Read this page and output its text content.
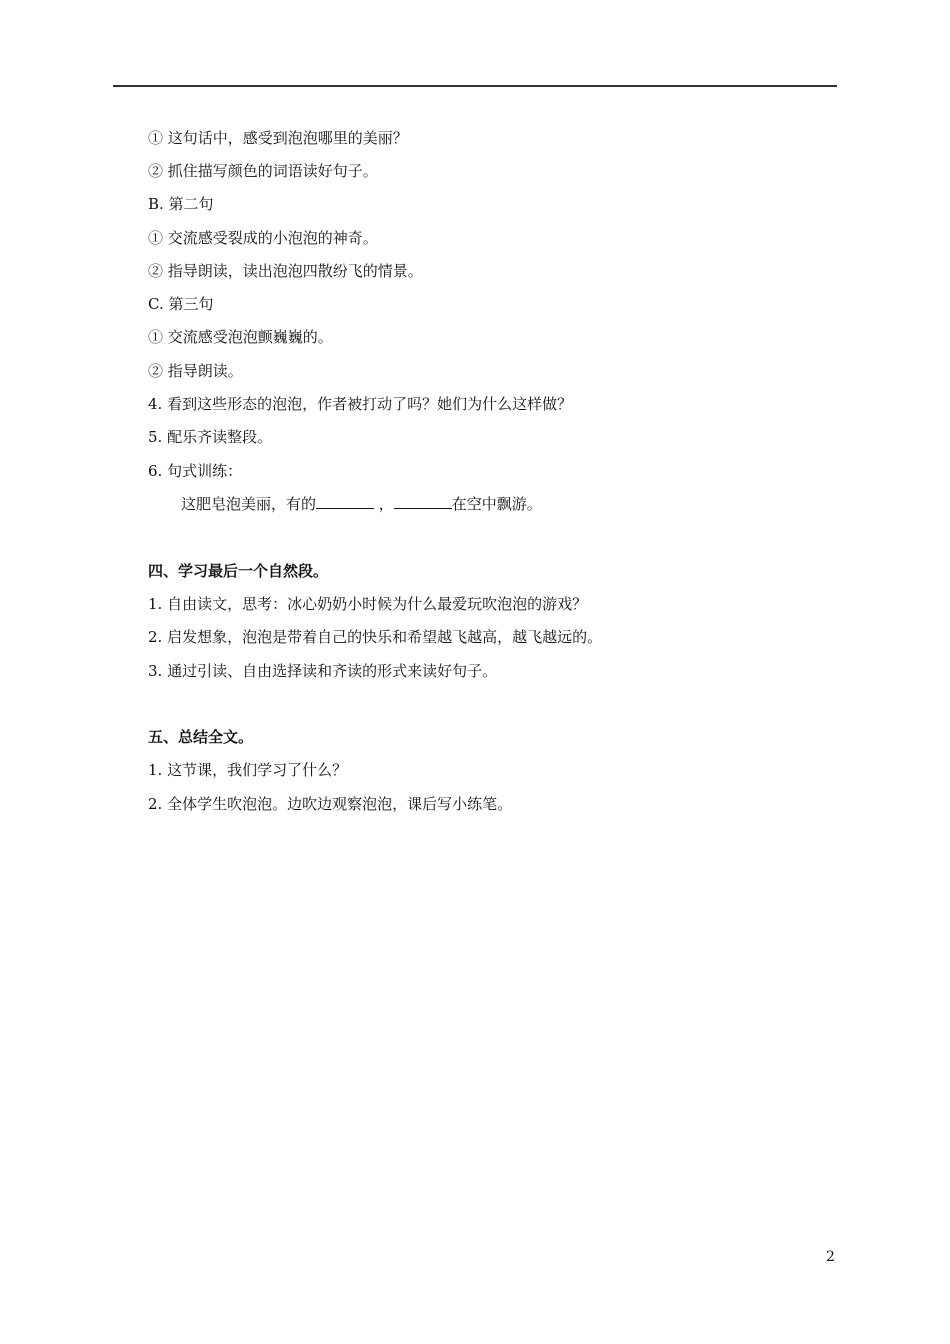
① 这句话中，感受到泡泡哪里的美丽？
② 抓住描写颜色的词语读好句子。
B. 第二句
① 交流感受裂成的小泡泡的神奇。
② 指导朗读，读出泡泡四散纷飞的情景。
C. 第三句
① 交流感受泡泡颤巍巍的。
② 指导朗读。
4. 看到这些形态的泡泡，作者被打动了吗？她们为什么这样做？
5. 配乐齐读整段。
6. 句式训练：
这肥皂泡美丽，有的	，	在空中飘游。
四、学习最后一个自然段。
1. 自由读文，思考：冰心奶奶小时候为什么最爱玩吹泡泡的游戏？
2. 启发想象，泡泡是带着自己的快乐和希望越飞越高，越飞越远的。
3. 通过引读、自由选择读和齐读的形式来读好句子。
五、总结全文。
1. 这节课，我们学习了什么？
2. 全体学生吹泡泡。边吹边观察泡泡，课后写小练笔。
2
